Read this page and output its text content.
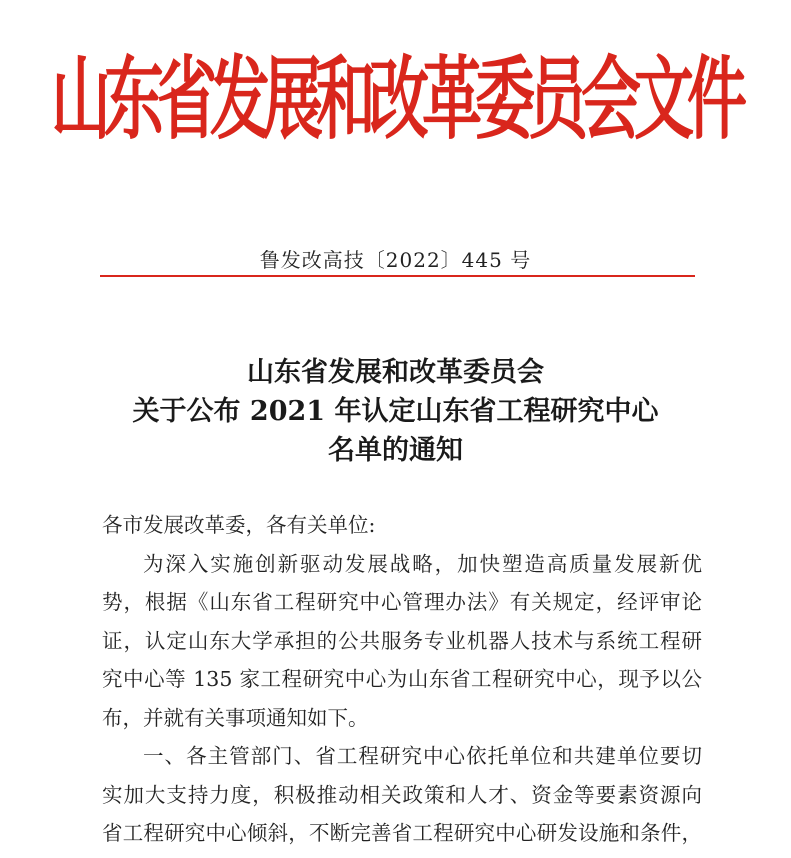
山东省发展和改革委员会文件
鲁发改高技〔2022〕445 号
山东省发展和改革委员会
关于公布 2021 年认定山东省工程研究中心
名单的通知
各市发展改革委，各有关单位:
为深入实施创新驱动发展战略，加快塑造高质量发展新优
势，根据《山东省工程研究中心管理办法》有关规定，经评审论
证，认定山东大学承担的公共服务专业机器人技术与系统工程研
究中心等 135 家工程研究中心为山东省工程研究中心，现予以公
布，并就有关事项通知如下。
一、各主管部门、省工程研究中心依托单位和共建单位要切
实加大支持力度，积极推动相关政策和人才、资金等要素资源向
省工程研究中心倾斜，不断完善省工程研究中心研发设施和条件，
